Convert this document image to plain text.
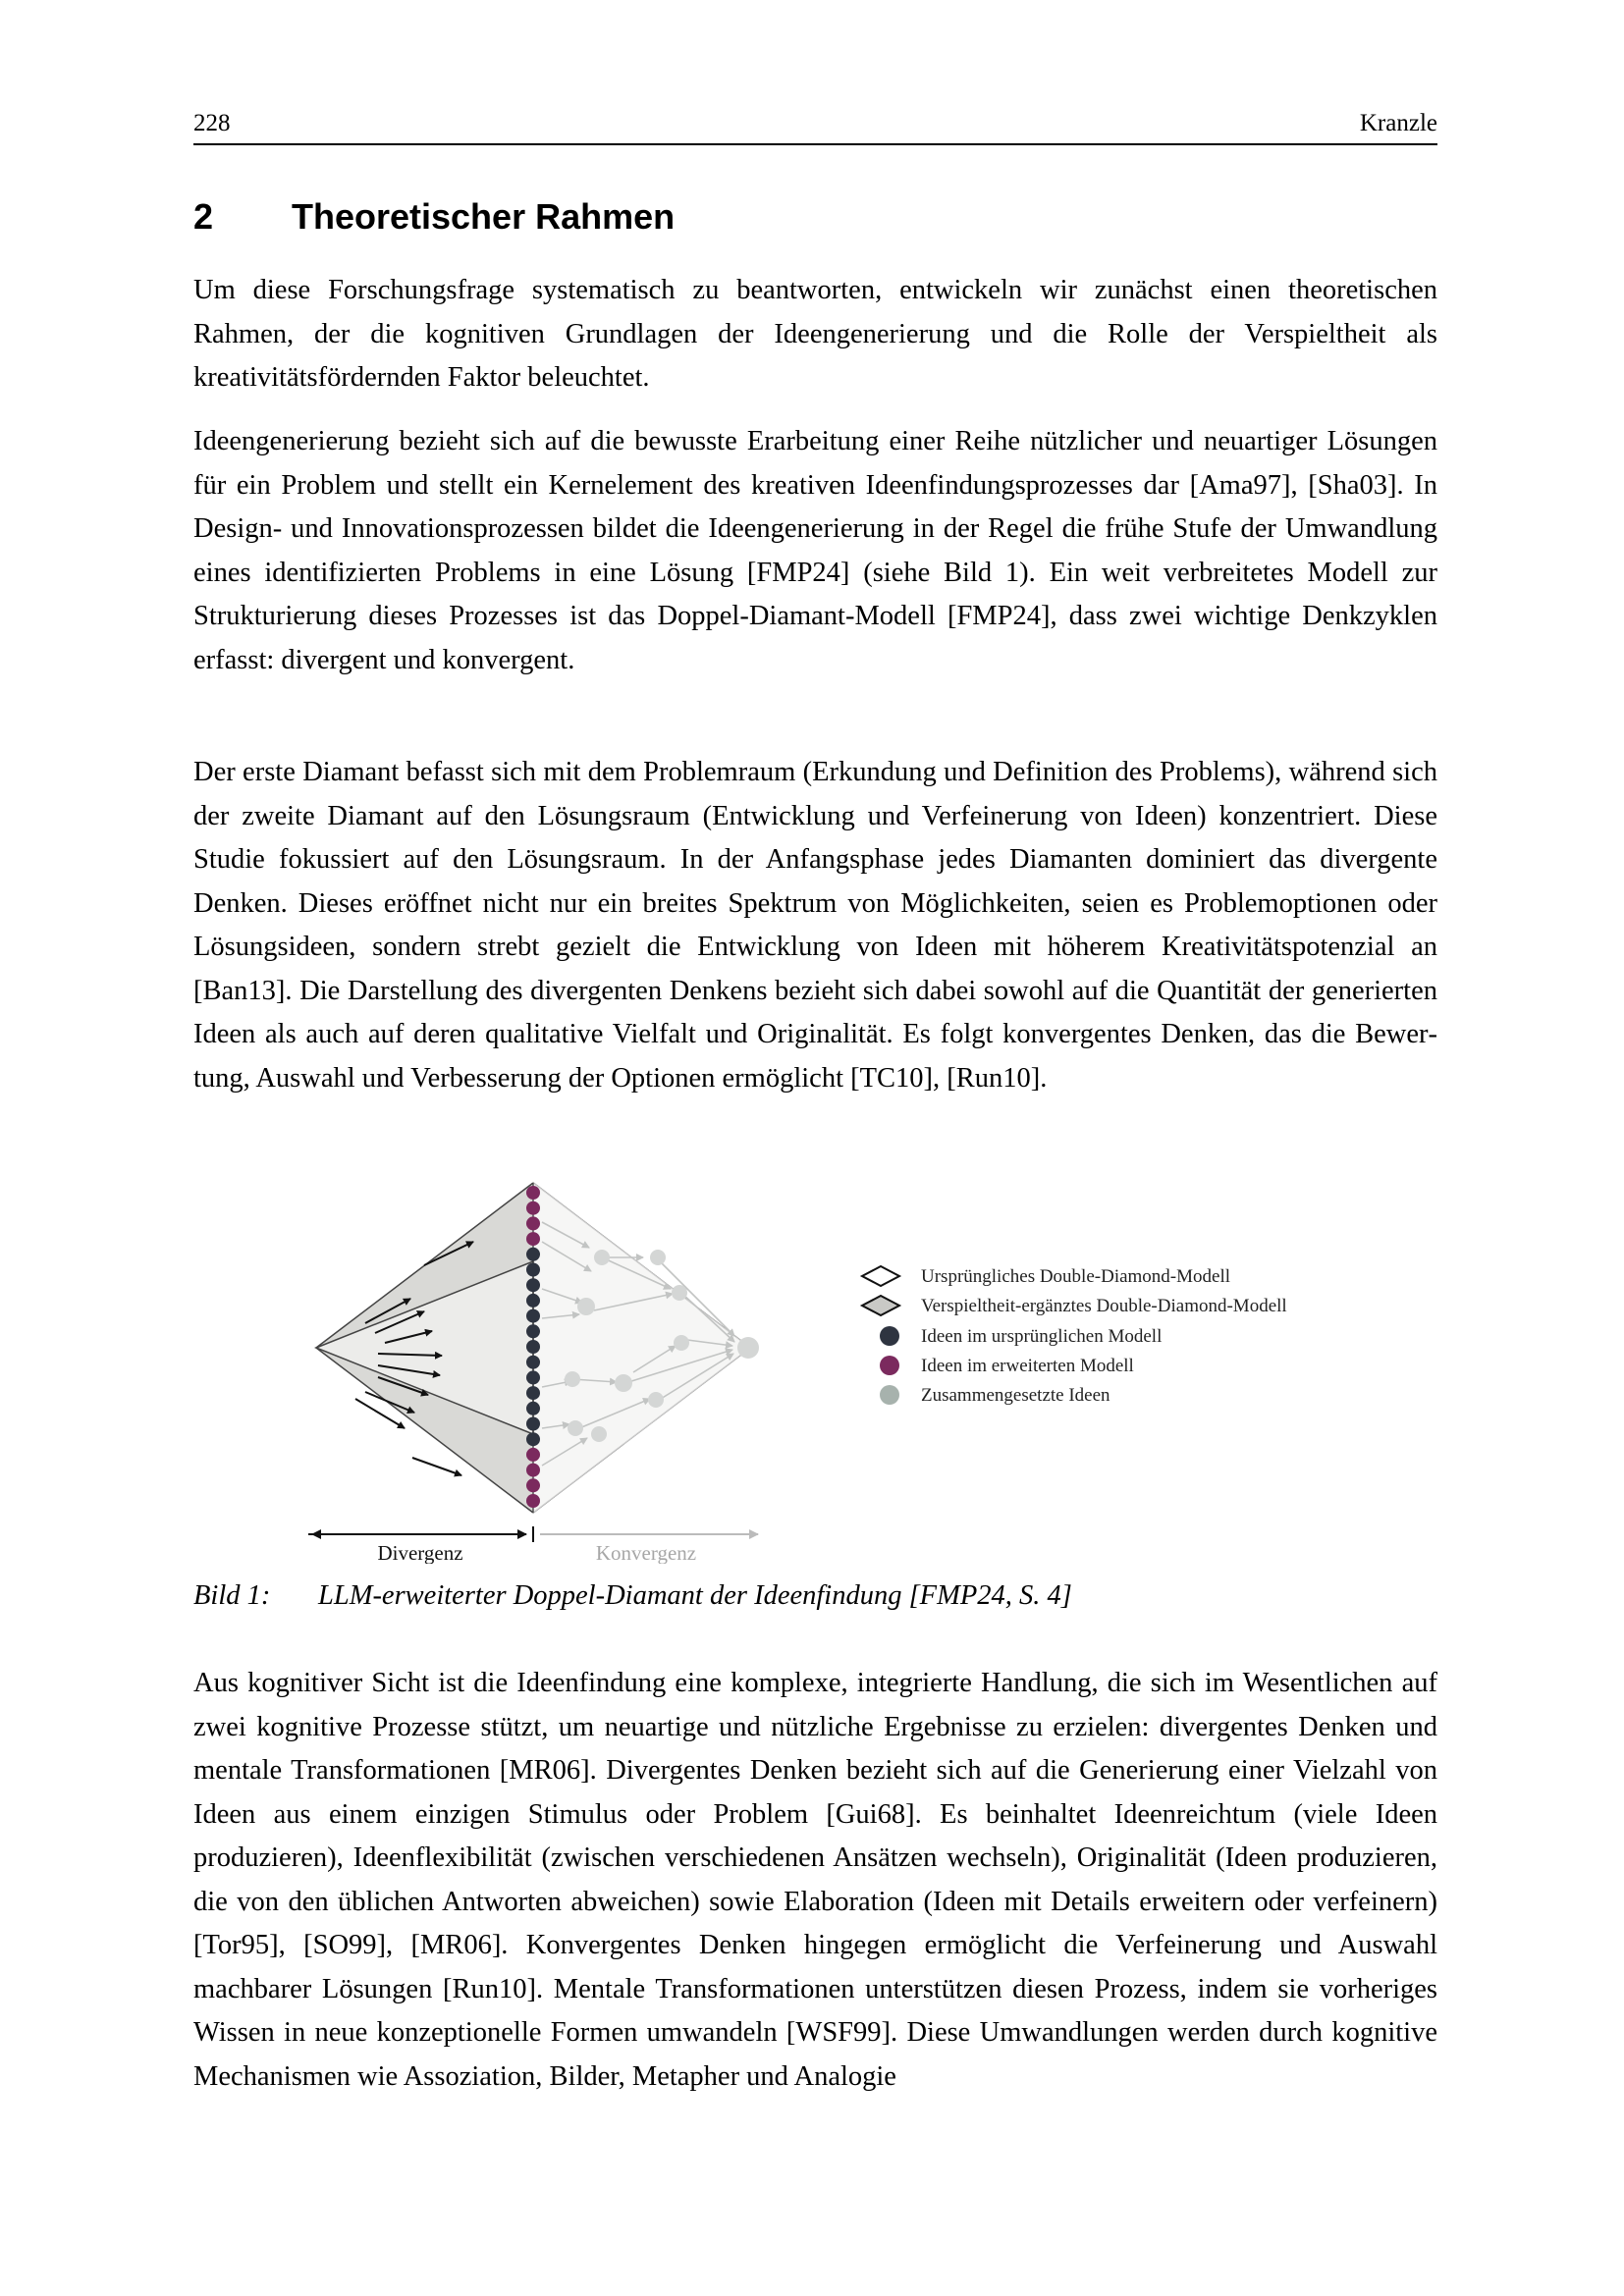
228	Kranzle
2 Theoretischer Rahmen

Um diese Forschungsfrage systematisch zu beantworten, entwickeln wir zunächst einen theoretischen Rahmen, der die kognitiven Grundlagen der Ideengenerierung und die Rolle der Verspieltheit als kreativitätsfördernden Faktor beleuchtet.

Ideengenerierung bezieht sich auf die bewusste Erarbeitung einer Reihe nützlicher und neuartiger Lösungen für ein Problem und stellt ein Kernelement des kreativen Ideenfindungsprozesses dar [Ama97], [Sha03]. In Design- und Innovationsprozessen bildet die Ideengenerierung in der Regel die frühe Stufe der Umwandlung eines identifizierten Problems in eine Lösung [FMP24] (siehe Bild 1). Ein weit verbreitetes Modell zur Strukturierung dieses Prozesses ist das Doppel-Diamant-Modell [FMP24], dass zwei wichtige Denkzyklen erfasst: divergent und konvergent.

Der erste Diamant befasst sich mit dem Problemraum (Erkundung und Definition des Problems), während sich der zweite Diamant auf den Lösungsraum (Entwicklung und Verfeinerung von Ideen) konzentriert. Diese Studie fokussiert auf den Lösungsraum. In der Anfangsphase jedes Diamanten dominiert das divergente Denken. Dieses eröffnet nicht nur ein breites Spektrum von Möglichkeiten, seien es Problemoptionen oder Lösungsideen, sondern strebt gezielt die Entwicklung von Ideen mit höherem Kreativitätspotenzial an [Ban13]. Die Darstellung des divergenten Denkens bezieht sich dabei sowohl auf die Quantität der generierten Ideen als auch auf deren qualitative Vielfalt und Originalität. Es folgt konvergentes Denken, das die Bewertung, Auswahl und Verbesserung der Optionen ermöglicht [TC10], [Run10].

Divergenz	Konvergenz
Ursprüngliches Double-Diamond-Modell
Verspieltheit-ergänztes Double-Diamond-Modell
Ideen im ursprünglichen Modell
Ideen im erweiterten Modell
Zusammengesetzte Ideen
Bild 1: LLM-erweiterter Doppel-Diamant der Ideenfindung [FMP24, S. 4]

Aus kognitiver Sicht ist die Ideenfindung eine komplexe, integrierte Handlung, die sich im Wesentlichen auf zwei kognitive Prozesse stützt, um neuartige und nützliche Ergebnisse zu erzielen: divergentes Denken und mentale Transformationen [MR06]. Divergentes Denken bezieht sich auf die Generierung einer Vielzahl von Ideen aus einem einzigen Stimulus oder Problem [Gui68]. Es beinhaltet Ideenreichtum (viele Ideen produzieren), Ideenflexibilität (zwischen verschiedenen Ansätzen wechseln), Originalität (Ideen produzieren, die von den üblichen Antworten abweichen) sowie Elaboration (Ideen mit Details erweitern oder verfeinern) [Tor95], [SO99], [MR06]. Konvergentes Denken hingegen ermöglicht die Verfeinerung und Auswahl machbarer Lösungen [Run10]. Mentale Transformationen unterstützen diesen Prozess, indem sie vorheriges Wissen in neue konzeptionelle Formen umwandeln [WSF99]. Diese Umwandlungen werden durch kognitive Mechanismen wie Assoziation, Bilder, Metapher und Analogie
